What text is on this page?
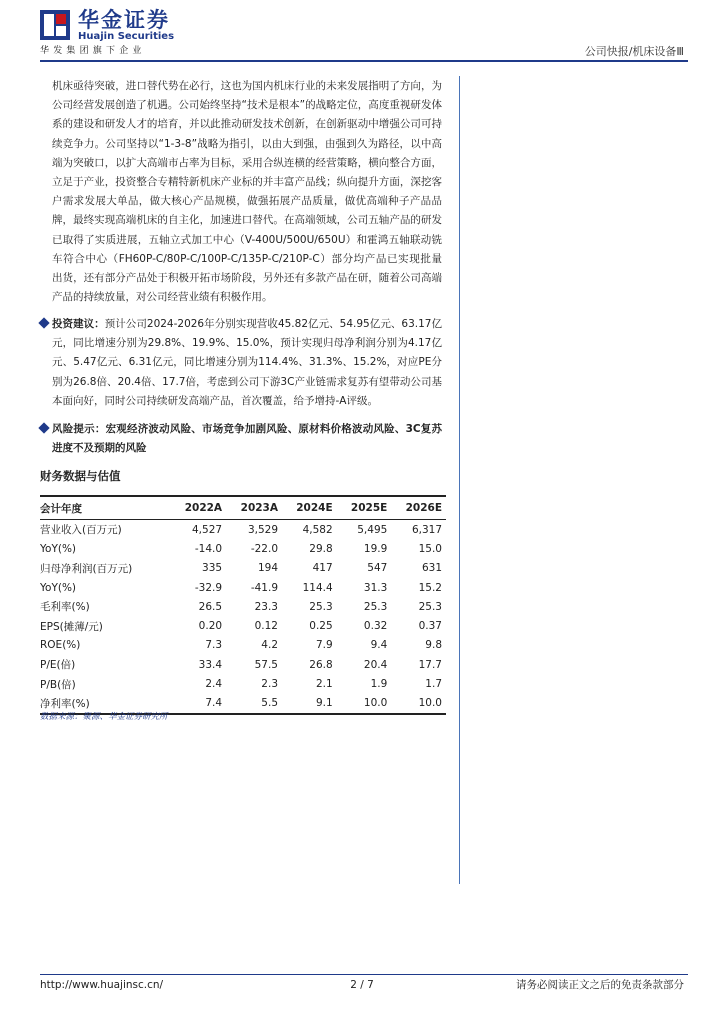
华金证券
Huajin Securities
华发集团旗下企业	公司快报/机床设备Ⅲ

机床亟待突破，进口替代势在必行，这也为国内机床行业的未来发展指明了方向，为公司经营发展创造了机遇。公司始终坚持“技术是根本”的战略定位，高度重视研发体系的建设和研发人才的培育，并以此推动研发技术创新，在创新驱动中增强公司可持续竞争力。公司坚持以“1-3-8”战略为指引，以由大到强，由强到久为路径，以中高端为突破口，以扩大高端市占率为目标，采用合纵连横的经营策略，横向整合方面，立足于产业，投资整合专精特新机床产业标的并丰富产品线；纵向提升方面，深挖客户需求发展大单品，做大核心产品规模，做强拓展产品质量，做优高端种子产品品牌，最终实现高端机床的自主化，加速进口替代。在高端领域，公司五轴产品的研发已取得了实质进展，五轴立式加工中心（V-400U/500U/650U）和霍鸿五轴联动铣车符合中心（FH60P-C/80P-C/100P-C/135P-C/210P-C）部分均产品已实现批量出货，还有部分产品处于积极开拓市场阶段，另外还有多款产品在研，随着公司高端产品的持续放量，对公司经营业绩有积极作用。

投资建议：预计公司2024-2026年分别实现营收45.82亿元、54.95亿元、63.17亿元，同比增速分别为29.8%、19.9%、15.0%，预计实现归母净利润分别为4.17亿元、5.47亿元、6.31亿元，同比增速分别为114.4%、31.3%、15.2%，对应PE分别为26.8倍、20.4倍、17.7倍，考虑到公司下游3C产业链需求复苏有望带动公司基本面向好，同时公司持续研发高端产品，首次覆盖，给予增持-A评级。
风险提示：宏观经济波动风险、市场竞争加剧风险、原材料价格波动风险、3C复苏进度不及预期的风险
财务数据与估值
会计年度	2022A	2023A	2024E	2025E	2026E
营业收入(百万元)	4,527	3,529	4,582	5,495	6,317
YoY(%)	-14.0	-22.0	29.8	19.9	15.0
归母净利润(百万元)	335	194	417	547	631
YoY(%)	-32.9	-41.9	114.4	31.3	15.2
毛利率(%)	26.5	23.3	25.3	25.3	25.3
EPS(摊薄/元)	0.20	0.12	0.25	0.32	0.37
ROE(%)	7.3	4.2	7.9	9.4	9.8
P/E(倍)	33.4	57.5	26.8	20.4	17.7
P/B(倍)	2.4	2.3	2.1	1.9	1.7
净利率(%)	7.4	5.5	9.1	10.0	10.0
数据来源：聚源、华金证券研究所
http://www.huajinsc.cn/	2 / 7	请务必阅读正文之后的免责条款部分
